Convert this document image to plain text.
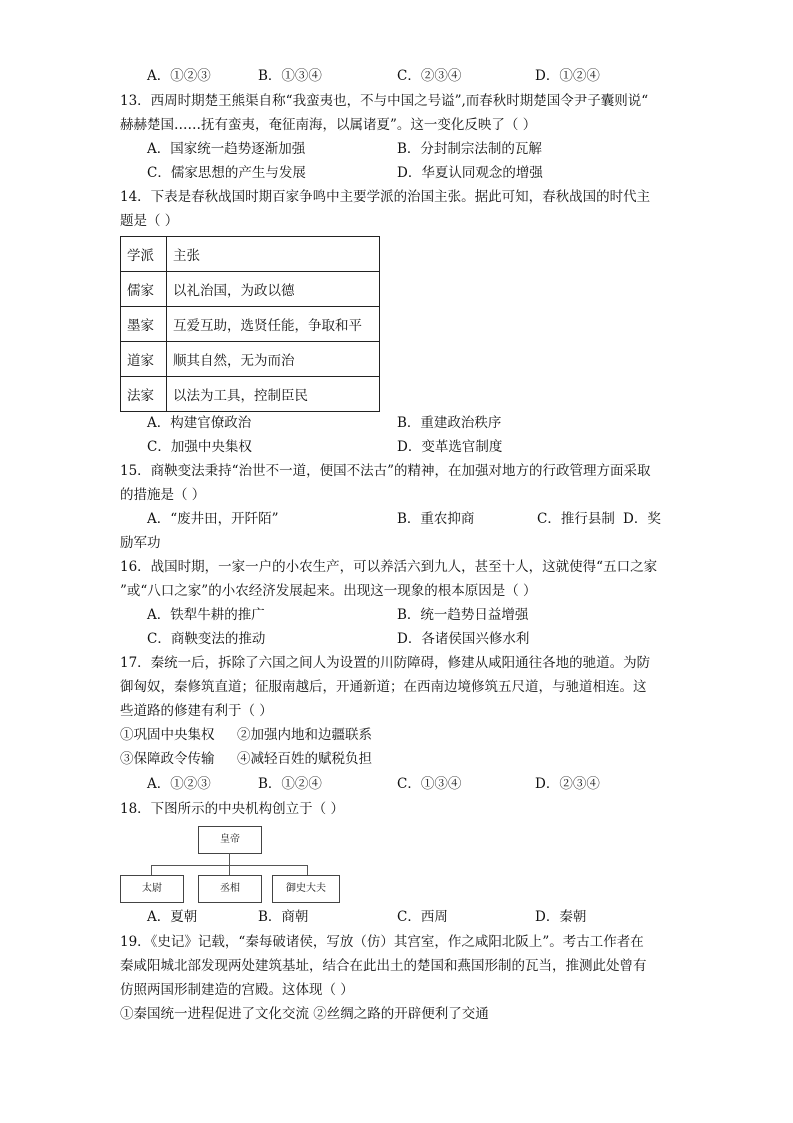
A．①②③	B．①③④	C．②③④	D．①②④
13．西周时期楚王熊渠自称“我蛮夷也，不与中国之号谥”,而春秋时期楚国令尹子囊则说“
赫赫楚国……抚有蛮夷，奄征南海，以属诸夏”。这一变化反映了（ ）
A．国家统一趋势逐渐加强	B．分封制宗法制的瓦解
C．儒家思想的产生与发展	D．华夏认同观念的增强
14．下表是春秋战国时期百家争鸣中主要学派的治国主张。据此可知，春秋战国的时代主
题是（ ）
学派	主张
儒家	以礼治国，为政以德
墨家	互爱互助，选贤任能，争取和平
道家	顺其自然，无为而治
法家	以法为工具，控制臣民
A．构建官僚政治	B．重建政治秩序
C．加强中央集权	D．变革选官制度
15．商鞅变法秉持“治世不一道，便国不法古”的精神，在加强对地方的行政管理方面采取
的措施是（ ）
A．“废井田，开阡陌”	B．重农抑商	C．推行县制 D．奖
励军功
16．战国时期，一家一户的小农生产，可以养活六到九人，甚至十人，这就使得“五口之家
”或“八口之家”的小农经济发展起来。出现这一现象的根本原因是（ ）
A．铁犁牛耕的推广	B．统一趋势日益增强
C．商鞅变法的推动	D．各诸侯国兴修水利
17．秦统一后，拆除了六国之间人为设置的川防障碍，修建从咸阳通往各地的驰道。为防
御匈奴，秦修筑直道；征服南越后，开通新道；在西南边境修筑五尺道，与驰道相连。这
些道路的修建有利于（ ）
①巩固中央集权 ②加强内地和边疆联系
③保障政令传输 ④减轻百姓的赋税负担
A．①②③	B．①②④	C．①③④	D．②③④
18．下图所示的中央机构创立于（ ）
皇帝
太尉	丞相	御史大夫
A．夏朝	B．商朝	C．西周	D．秦朝
19．《史记》记载，“秦每破诸侯，写放（仿）其宫室，作之咸阳北阪上”。考古工作者在
秦咸阳城北部发现两处建筑基址，结合在此出土的楚国和燕国形制的瓦当，推测此处曾有
仿照两国形制建造的宫殿。这体现（ ）
①秦国统一进程促进了文化交流 ②丝绸之路的开辟便利了交通
